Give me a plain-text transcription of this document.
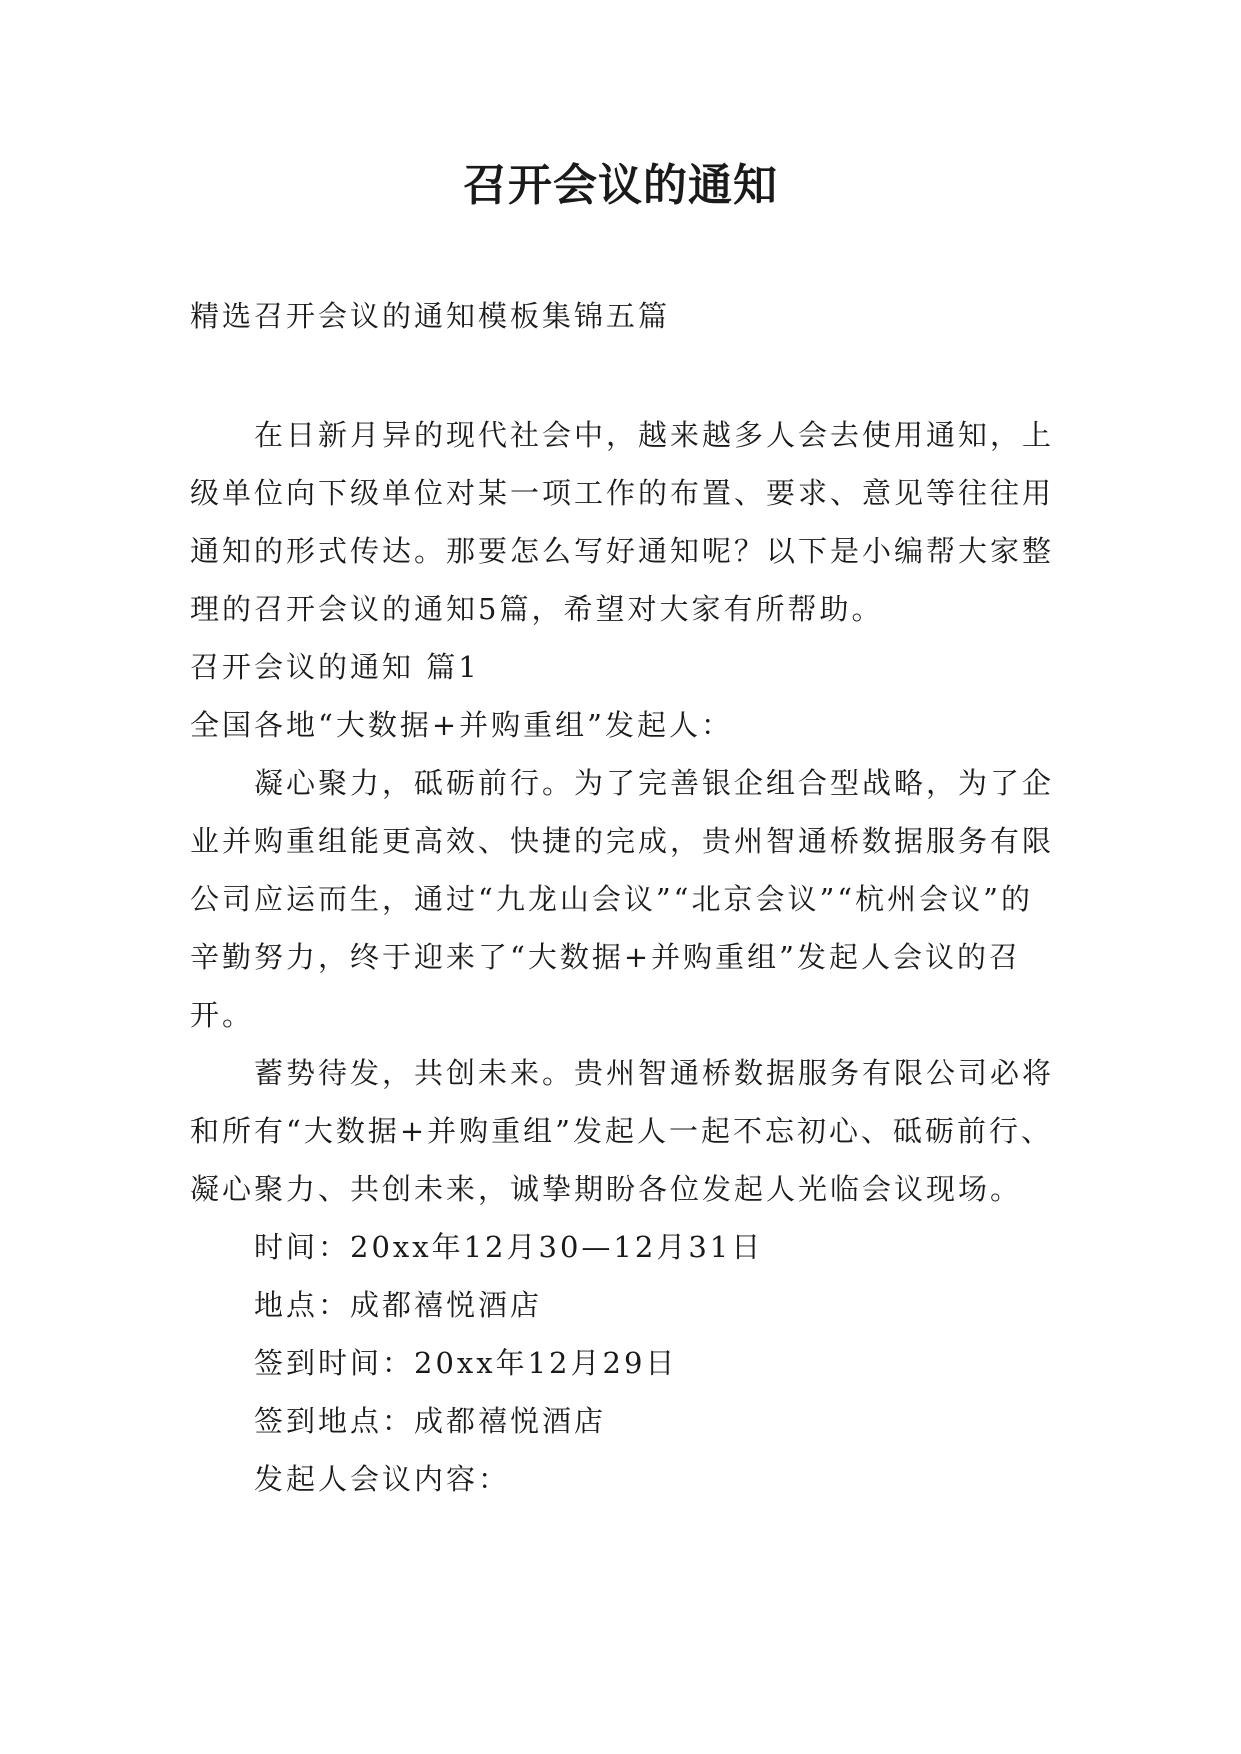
召开会议的通知
精选召开会议的通知模板集锦五篇

在日新月异的现代社会中，越来越多人会去使用通知，上级单位向下级单位对某一项工作的布置、要求、意见等往往用通知的形式传达。那要怎么写好通知呢？以下是小编帮大家整理的召开会议的通知5篇，希望对大家有所帮助。

召开会议的通知 篇1

全国各地“大数据+并购重组”发起人：

凝心聚力，砥砺前行。为了完善银企组合型战略，为了企业并购重组能更高效、快捷的完成，贵州智通桥数据服务有限公司应运而生，通过“九龙山会议”“北京会议”“杭州会议”的辛勤努力，终于迎来了“大数据+并购重组”发起人会议的召开。

蓄势待发，共创未来。贵州智通桥数据服务有限公司必将和所有“大数据+并购重组”发起人一起不忘初心、砥砺前行、凝心聚力、共创未来，诚挚期盼各位发起人光临会议现场。

时间：20xx年12月30—12月31日

地点：成都禧悦酒店

签到时间：20xx年12月29日

签到地点：成都禧悦酒店

发起人会议内容：
